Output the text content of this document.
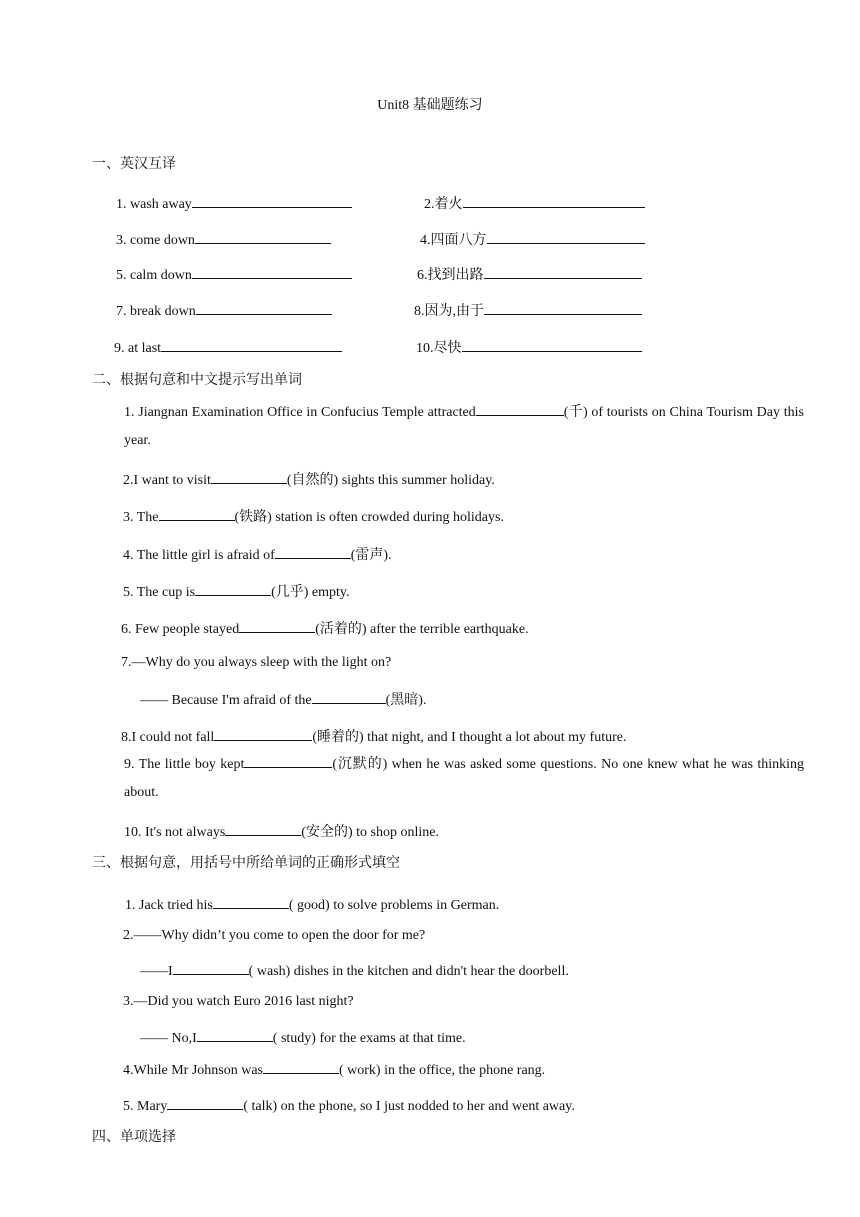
Unit8 基础题练习
一、英汉互译
1. wash away	2.着火
3. come down	4.四面八方
5. calm down	6.找到出路
7. break down	8.因为,由于
9. at last	10.尽快
二、根据句意和中文提示写出单词
1. Jiangnan Examination Office in Confucius Temple attracted	(千) of tourists on China Tourism Day this year.
2.I want to visit	(自然的) sights this summer holiday.
3. The	(铁路) station is often crowded during holidays.
4. The little girl is afraid of	(雷声).
5. The cup is	(几乎) empty.
6. Few people stayed	(活着的) after the terrible earthquake.
7.—Why do you always sleep with the light on?
—— Because I'm afraid of the	(黑暗).
8.I could not fall	(睡着的) that night, and I thought a lot about my future.
9. The little boy kept	(沉默的) when he was asked some questions. No one knew what he was thinking about.
10. It's not always	(安全的) to shop online.
三、根据句意，用括号中所给单词的正确形式填空
1. Jack tried his	( good) to solve problems in German.
2.——Why didn’t you come to open the door for me?
——I	( wash) dishes in the kitchen and didn't hear the doorbell.
3.—Did you watch Euro 2016 last night?
—— No,I	( study) for the exams at that time.
4.While Mr Johnson was	( work) in the office, the phone rang.
5. Mary	( talk) on the phone, so I just nodded to her and went away.
四、单项选择
